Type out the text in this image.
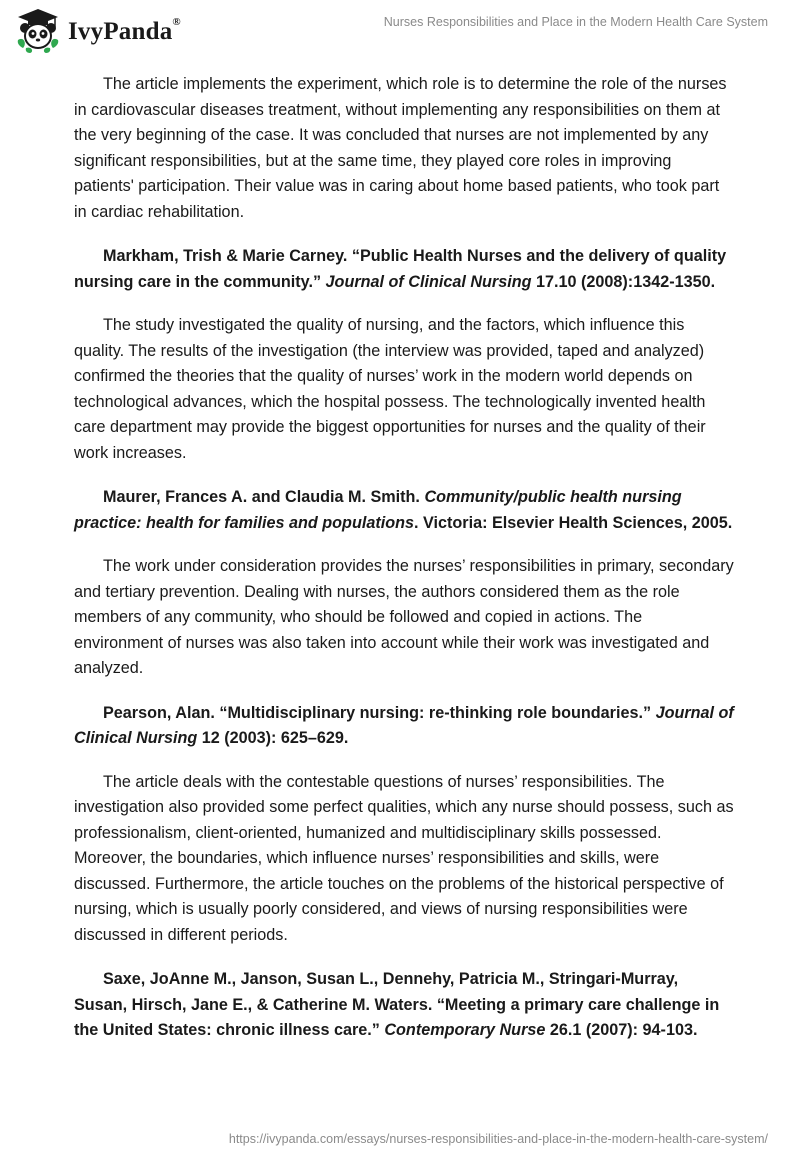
IvyPanda®	Nurses Responsibilities and Place in the Modern Health Care System

The article implements the experiment, which role is to determine the role of the nurses in cardiovascular diseases treatment, without implementing any responsibilities on them at the very beginning of the case. It was concluded that nurses are not implemented by any significant responsibilities, but at the same time, they played core roles in improving patients' participation. Their value was in caring about home based patients, who took part in cardiac rehabilitation.

Markham, Trish & Marie Carney. “Public Health Nurses and the delivery of quality nursing care in the community.” Journal of Clinical Nursing 17.10 (2008):1342-1350.

The study investigated the quality of nursing, and the factors, which influence this quality. The results of the investigation (the interview was provided, taped and analyzed) confirmed the theories that the quality of nurses’ work in the modern world depends on technological advances, which the hospital possess. The technologically invented health care department may provide the biggest opportunities for nurses and the quality of their work increases.

Maurer, Frances A. and Claudia M. Smith. Community/public health nursing practice: health for families and populations. Victoria: Elsevier Health Sciences, 2005.

The work under consideration provides the nurses’ responsibilities in primary, secondary and tertiary prevention. Dealing with nurses, the authors considered them as the role members of any community, who should be followed and copied in actions. The environment of nurses was also taken into account while their work was investigated and analyzed.

Pearson, Alan. “Multidisciplinary nursing: re-thinking role boundaries.” Journal of Clinical Nursing 12 (2003): 625–629.

The article deals with the contestable questions of nurses’ responsibilities. The investigation also provided some perfect qualities, which any nurse should possess, such as professionalism, client-oriented, humanized and multidisciplinary skills possessed. Moreover, the boundaries, which influence nurses’ responsibilities and skills, were discussed. Furthermore, the article touches on the problems of the historical perspective of nursing, which is usually poorly considered, and views of nursing responsibilities were discussed in different periods.

Saxe, JoAnne M., Janson, Susan L., Dennehy, Patricia M., Stringari-Murray, Susan, Hirsch, Jane E., & Catherine M. Waters. “Meeting a primary care challenge in the United States: chronic illness care.” Contemporary Nurse 26.1 (2007): 94-103.

https://ivypanda.com/essays/nurses-responsibilities-and-place-in-the-modern-health-care-system/
